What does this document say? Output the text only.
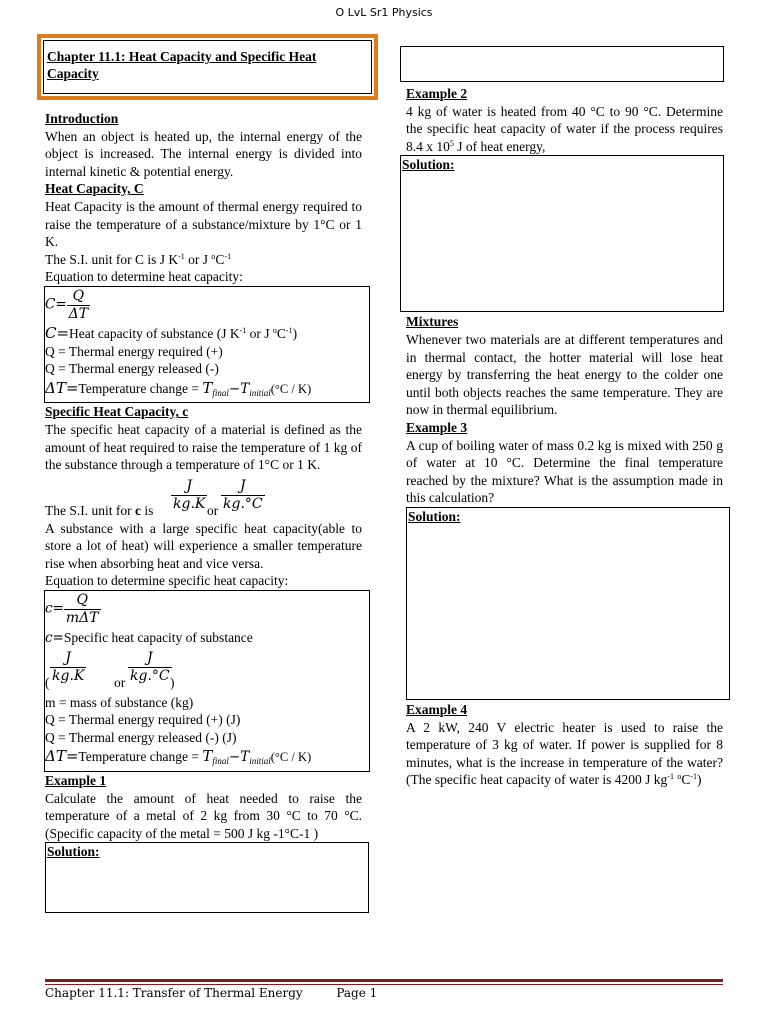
O LvL Sr1 Physics
Chapter 11.1: Heat Capacity and Specific Heat Capacity

Introduction

When an object is heated up, the internal energy of the object is increased. The internal energy is divided into internal kinetic & potential energy.

Heat Capacity, C

Heat Capacity is the amount of thermal energy required to raise the temperature of a substance/mixture by 1°C or 1 K.

The S.I. unit for C is J $K^{-1}$ or J $^oC^{-1}$

Equation to determine heat capacity:

$C= \frac{Q}{\Delta T}$

C=Heat capacity of substance (J $K^{-1}$ or J $^oC^{-1}$)

Q = Thermal energy required (+)

Q = Thermal energy released (-)

ΔT=Temperature change = $T_{final}-T_{initial}(^\circ C / K)$

Specific Heat Capacity, c

The specific heat capacity of a material is defined as the amount of heat required to raise the temperature of 1 kg of the substance through a temperature of 1°C or 1 K.

The S.I. unit for c is $\frac{J}{kg.K}$ or $\frac{J}{kg.^\circ C}$

A substance with a large specific heat capacity(able to store a lot of heat) will experience a smaller temperature rise when absorbing heat and vice versa.

Equation to determine specific heat capacity:

$c= \frac{Q}{\text{mΔT}}$

c=Specific heat capacity of substance

( $\frac{J}{kg.K}$ or $\frac{J}{kg.^\circ C}$
)

m = mass of substance (kg)

Q = Thermal energy required (+) (J)

Q = Thermal energy released (-) (J)

ΔT=Temperature change = $T_{final}-T_{initial}(^\circ C / K)$

Example 1

Calculate the amount of heat needed to raise the temperature of a metal of 2 kg from 30 °C to 70 °C. (Specific capacity of the metal = 500 J kg -1°C-1 )

Solution:

Example 2

4 kg of water is heated from 40 °C to 90 °C. Determine the specific heat capacity of water if the process requires 8.4 x $10^5$ J of heat energy,

Solution:

Mixtures

Whenever two materials are at different temperatures and in thermal contact, the hotter material will lose heat energy by transferring the heat energy to the colder one until both objects reaches the same temperature. They are now in thermal equilibrium.

Example 3

A cup of boiling water of mass 0.2 kg is mixed with 250 g of water at 10 °C. Determine the final temperature reached by the mixture? What is the assumption made in this calculation?

Solution:

Example 4

A 2 kW, 240 V electric heater is used to raise the temperature of 3 kg of water. If power is supplied for 8 minutes, what is the increase in temperature of the water? (The specific heat capacity of water is 4200 J $kg^{-1}$ $^oC^{-1}$)

Chapter 11.1: Transfer of Thermal Energy	Page 1
